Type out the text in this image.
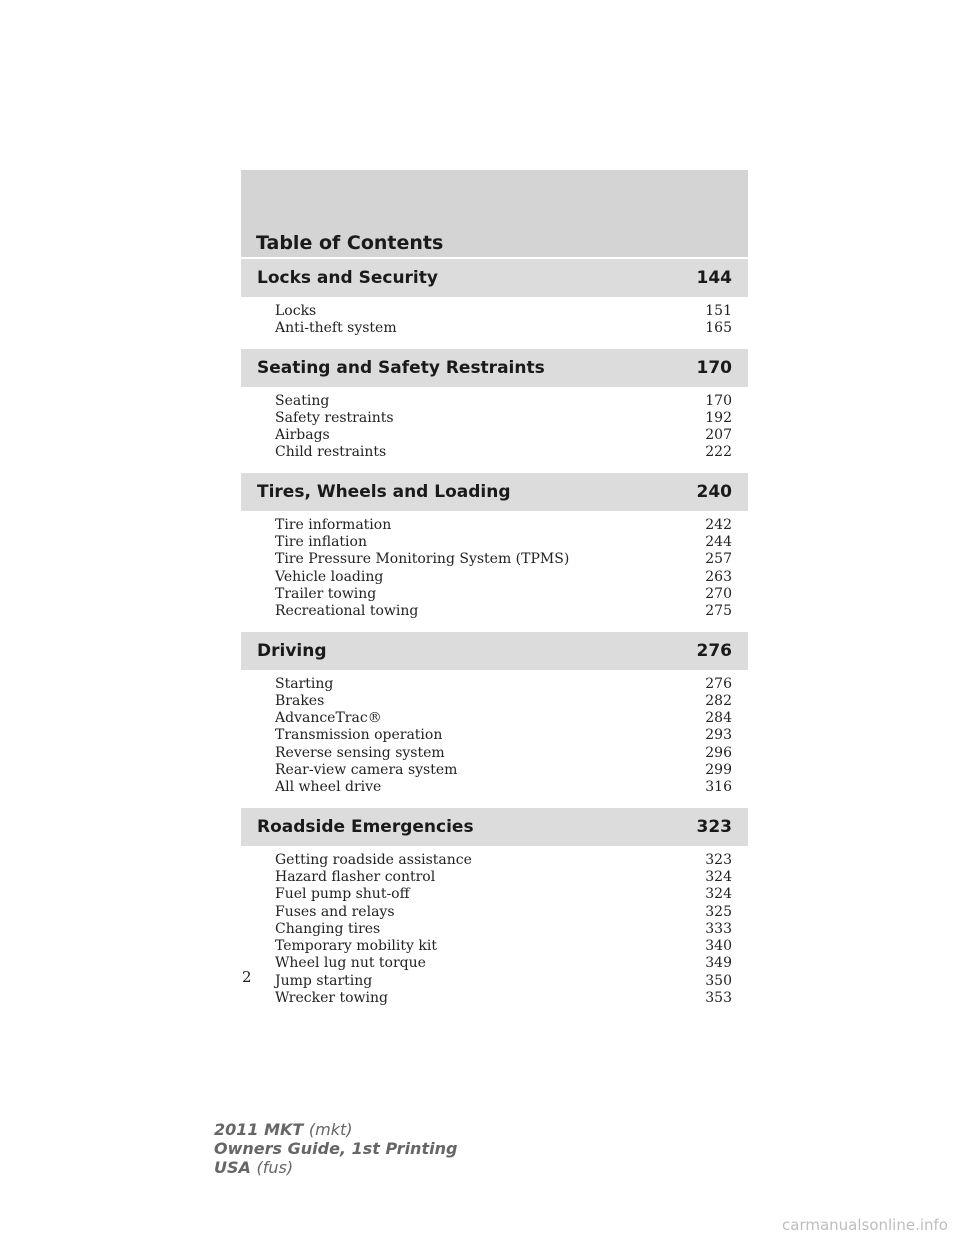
Table of Contents
Locks and Security	144
Locks	151
Anti-theft system	165
Seating and Safety Restraints	170
Seating	170
Safety restraints	192
Airbags	207
Child restraints	222
Tires, Wheels and Loading	240
Tire information	242
Tire inflation	244
Tire Pressure Monitoring System (TPMS)	257
Vehicle loading	263
Trailer towing	270
Recreational towing	275
Driving	276
Starting	276
Brakes	282
AdvanceTrac®	284
Transmission operation	293
Reverse sensing system	296
Rear-view camera system	299
All wheel drive	316
Roadside Emergencies	323
Getting roadside assistance	323
Hazard flasher control	324
Fuel pump shut-off	324
Fuses and relays	325
Changing tires	333
Temporary mobility kit	340
Wheel lug nut torque	349
Jump starting	350
Wrecker towing	353
2
2011 MKT (mkt)
Owners Guide, 1st Printing
USA (fus)
carmanualsonline.info
